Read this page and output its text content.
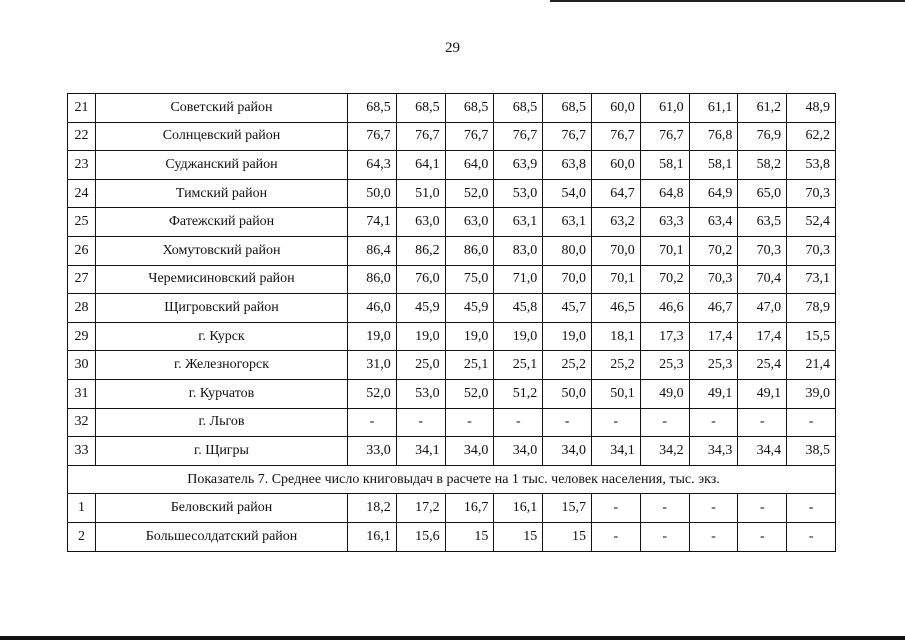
29
21	Советский район	68,5	68,5	68,5	68,5	68,5	60,0	61,0	61,1	61,2	48,9
22	Солнцевский район	76,7	76,7	76,7	76,7	76,7	76,7	76,7	76,8	76,9	62,2
23	Суджанский район	64,3	64,1	64,0	63,9	63,8	60,0	58,1	58,1	58,2	53,8
24	Тимский район	50,0	51,0	52,0	53,0	54,0	64,7	64,8	64,9	65,0	70,3
25	Фатежский район	74,1	63,0	63,0	63,1	63,1	63,2	63,3	63,4	63,5	52,4
26	Хомутовский район	86,4	86,2	86,0	83,0	80,0	70,0	70,1	70,2	70,3	70,3
27	Черемисиновский район	86,0	76,0	75,0	71,0	70,0	70,1	70,2	70,3	70,4	73,1
28	Щигровский район	46,0	45,9	45,9	45,8	45,7	46,5	46,6	46,7	47,0	78,9
29	г. Курск	19,0	19,0	19,0	19,0	19,0	18,1	17,3	17,4	17,4	15,5
30	г. Железногорск	31,0	25,0	25,1	25,1	25,2	25,2	25,3	25,3	25,4	21,4
31	г. Курчатов	52,0	53,0	52,0	51,2	50,0	50,1	49,0	49,1	49,1	39,0
32	г. Льгов	-	-	-	-	-	-	-	-	-	-
33	г. Щигры	33,0	34,1	34,0	34,0	34,0	34,1	34,2	34,3	34,4	38,5
Показатель 7. Среднее число книговыдач в расчете на 1 тыс. человек населения, тыс. экз.											
1	Беловский район	18,2	17,2	16,7	16,1	15,7	-	-	-	-	-
2	Большесолдатский район	16,1	15,6	15	15	15	-	-	-	-	-
